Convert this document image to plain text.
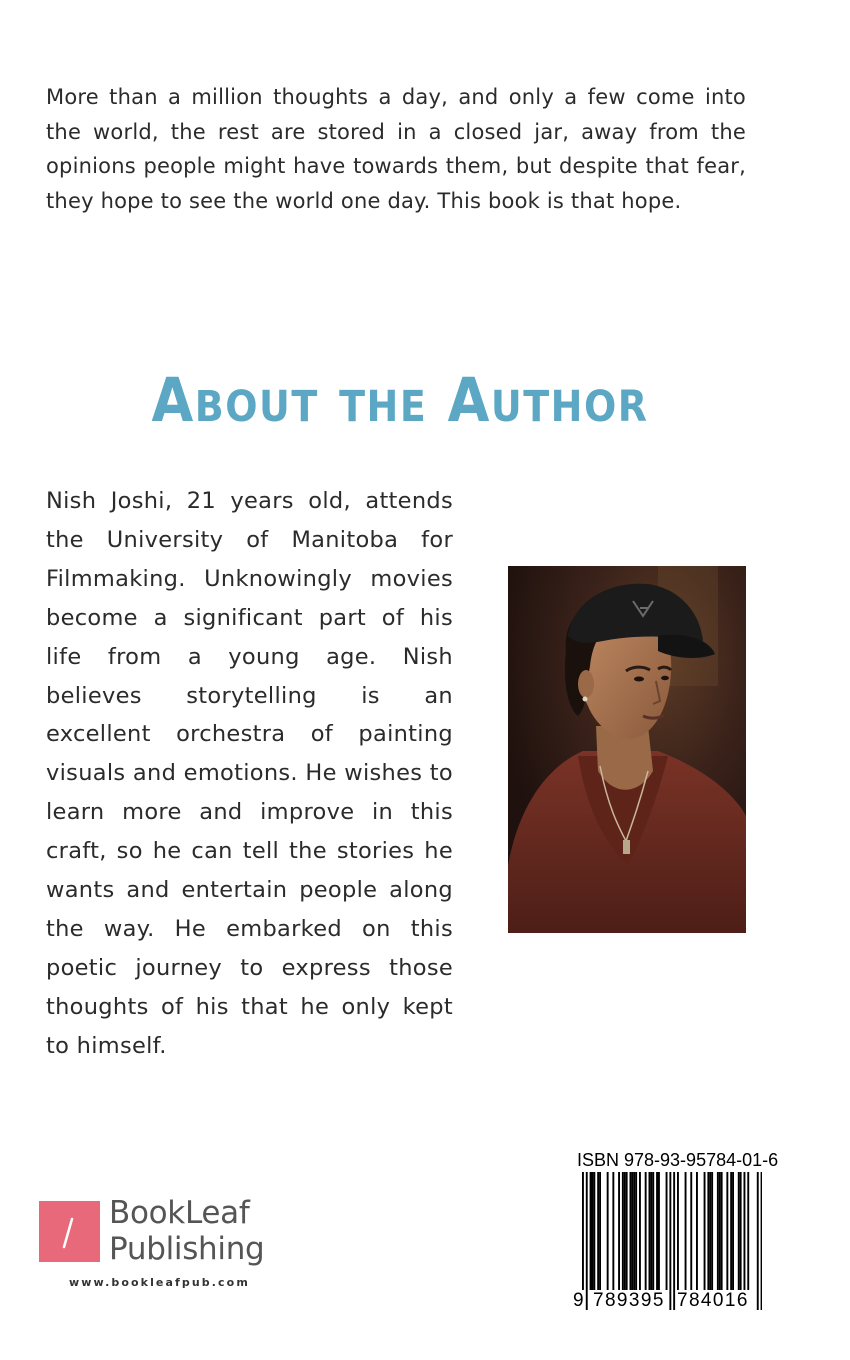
More than a million thoughts a day, and only a few come into the world, the rest are stored in a closed jar, away from the opinions people might have towards them, but despite that fear, they hope to see the world one day. This book is that hope.
About the Author
Nish Joshi, 21 years old, attends the University of Manitoba for Filmmaking. Unknowingly movies become a significant part of his life from a young age. Nish believes storytelling is an excellent orchestra of painting visuals and emotions. He wishes to learn more and improve in this craft, so he can tell the stories he wants and entertain people along the way. He embarked on this poetic journey to express those thoughts of his that he only kept to himself.
BookLeaf
Publishing
www.bookleafpub.com
ISBN 978-93-95784-01-6
9 789395 784016
